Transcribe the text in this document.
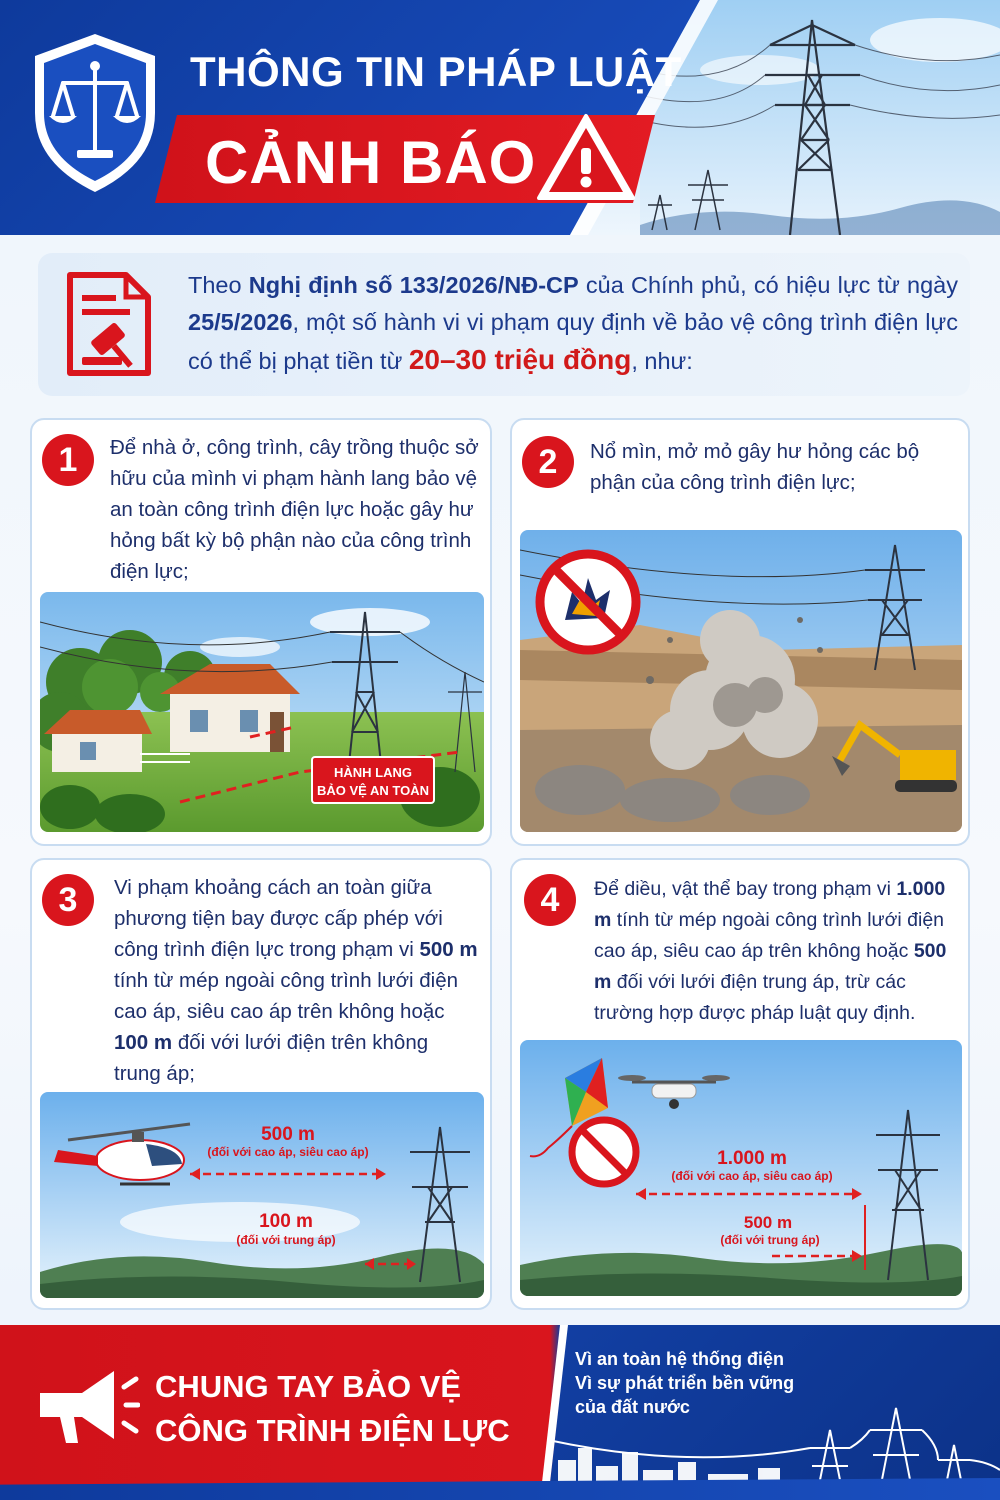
THÔNG TIN PHÁP LUẬT
CẢNH BÁO
Theo Nghị định số 133/2026/NĐ-CP của Chính phủ, có hiệu lực từ ngày 25/5/2026, một số hành vi vi phạm quy định về bảo vệ công trình điện lực có thể bị phạt tiền từ 20–30 triệu đồng, như:
1	Để nhà ở, công trình, cây trồng thuộc sở hữu của mình vi phạm hành lang bảo vệ an toàn công trình điện lực hoặc gây hư hỏng bất kỳ bộ phận nào của công trình điện lực;
HÀNH LANG
BẢO VỆ AN TOÀN
2	Nổ mìn, mở mỏ gây hư hỏng các bộ phận của công trình điện lực;
3	Vi phạm khoảng cách an toàn giữa phương tiện bay được cấp phép với công trình điện lực trong phạm vi 500 m tính từ mép ngoài công trình lưới điện cao áp, siêu cao áp trên không hoặc 100 m đối với lưới điện trên không trung áp;
500 m
(đối với cao áp, siêu cao áp)
100 m
(đối với trung áp)
4	Để diều, vật thể bay trong phạm vi 1.000 m tính từ mép ngoài công trình lưới điện cao áp, siêu cao áp trên không hoặc 500 m đối với lưới điện trung áp, trừ các trường hợp được pháp luật quy định.
1.000 m
(đối với cao áp, siêu cao áp)
500 m
(đối với trung áp)
CHUNG TAY BẢO VỆ
CÔNG TRÌNH ĐIỆN LỰC
Vì an toàn hệ thống điện
Vì sự phát triển bền vững
của đất nước
